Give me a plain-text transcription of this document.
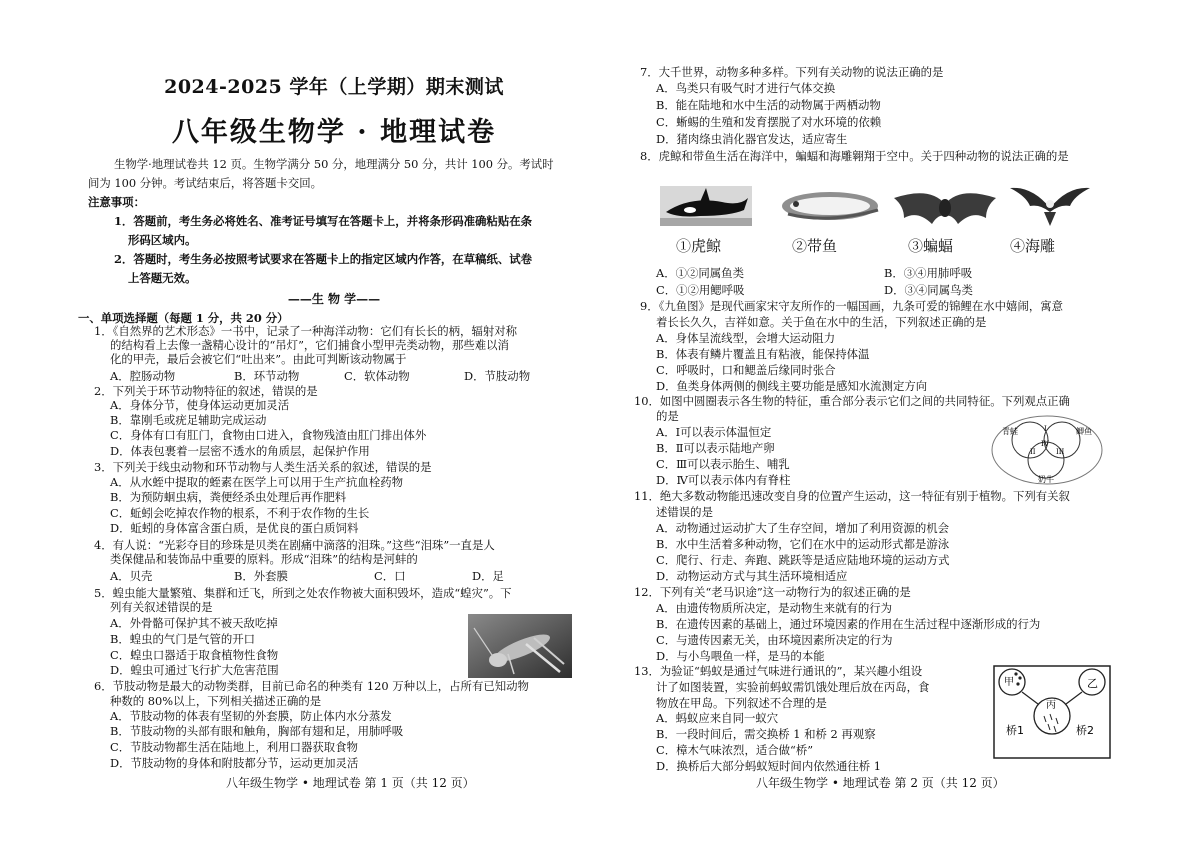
2024-2025 学年（上学期）期末测试
八年级生物学 · 地理试卷
生物学·地理试卷共 12 页。生物学满分 50 分，地理满分 50 分，共计 100 分。考试时
间为 100 分钟。考试结束后，将答题卡交回。
注意事项：
1．答题前，考生务必将姓名、准考证号填写在答题卡上，并将条形码准确粘贴在条
形码区域内。
2．答题时，考生务必按照考试要求在答题卡上的指定区域内作答，在草稿纸、试卷
上答题无效。
——生 物 学——
一、单项选择题（每题 1 分，共 20 分）
1．《自然界的艺术形态》一书中，记录了一种海洋动物：它们有长长的柄，辐射对称
的结构看上去像一盏精心设计的“吊灯”，它们捕食小型甲壳类动物，那些难以消
化的甲壳，最后会被它们“吐出来”。由此可判断该动物属于
A．腔肠动物	B．环节动物	C．软体动物	D．节肢动物
2．下列关于环节动物特征的叙述，错误的是
A．身体分节，使身体运动更加灵活
B．靠刚毛或疣足辅助完成运动
C．身体有口有肛门，食物由口进入，食物残渣由肛门排出体外
D．体表包裹着一层密不透水的角质层，起保护作用
3．下列关于线虫动物和环节动物与人类生活关系的叙述，错误的是
A．从水蛭中提取的蛭素在医学上可以用于生产抗血栓药物
B．为预防蛔虫病，粪便经杀虫处理后再作肥料
C．蚯蚓会吃掉农作物的根系，不利于农作物的生长
D．蚯蚓的身体富含蛋白质，是优良的蛋白质饲料
4．有人说：“光彩夺目的珍珠是贝类在剧痛中滴落的泪珠。”这些“泪珠”一直是人
类保健品和装饰品中重要的原料。形成“泪珠”的结构是河蚌的
A．贝壳	B．外套膜	C．口	D．足
5．蝗虫能大量繁殖、集群和迁飞，所到之处农作物被大面积毁坏，造成“蝗灾”。下
列有关叙述错误的是
A．外骨骼可保护其不被天敌吃掉
B．蝗虫的气门是气管的开口
C．蝗虫口器适于取食植物性食物
D．蝗虫可通过飞行扩大危害范围
6．节肢动物是最大的动物类群，目前已命名的种类有 120 万种以上，占所有已知动物
种数的 80%以上，下列相关描述正确的是
A．节肢动物的体表有坚韧的外套膜，防止体内水分蒸发
B．节肢动物的头部有眼和触角，胸部有翅和足，用肺呼吸
C．节肢动物都生活在陆地上，利用口器获取食物
D．节肢动物的身体和附肢都分节，运动更加灵活
八年级生物学 • 地理试卷 第 1 页（共 12 页）
7．大千世界，动物多种多样。下列有关动物的说法正确的是
A．鸟类只有吸气时才进行气体交换
B．能在陆地和水中生活的动物属于两栖动物
C．蜥蜴的生殖和发育摆脱了对水环境的依赖
D．猪肉绦虫消化器官发达，适应寄生
8．虎鲸和带鱼生活在海洋中，蝙蝠和海雕翱翔于空中。关于四种动物的说法正确的是
①虎鲸	②带鱼	③蝙蝠	④海雕
A．①②同属鱼类	B．③④用肺呼吸
C．①②用鳃呼吸	D．③④同属鸟类
9．《九鱼图》是现代画家宋守友所作的一幅国画，九条可爱的锦鲤在水中嬉闹，寓意
着长长久久，吉祥如意。关于鱼在水中的生活，下列叙述正确的是
A．身体呈流线型，会增大运动阻力
B．体表有鳞片覆盖且有粘液，能保持体温
C．呼吸时，口和鳃盖后缘同时张合
D．鱼类身体两侧的侧线主要功能是感知水流测定方向
10．如图中圆圈表示各生物的特征，重合部分表示它们之间的共同特征。下列观点正确
的是
A．Ⅰ可以表示体温恒定
B．Ⅱ可以表示陆地产卵
C．Ⅲ可以表示胎生、哺乳
D．Ⅳ可以表示体内有脊柱
青蛙	鲫鱼
奶牛
I
II	III
IV
11．绝大多数动物能迅速改变自身的位置产生运动，这一特征有别于植物。下列有关叙
述错误的是
A．动物通过运动扩大了生存空间，增加了利用资源的机会
B．水中生活着多种动物，它们在水中的运动形式都是游泳
C．爬行、行走、奔跑、跳跃等是适应陆地环境的运动方式
D．动物运动方式与其生活环境相适应
12．下列有关“老马识途”这一动物行为的叙述正确的是
A．由遗传物质所决定，是动物生来就有的行为
B．在遗传因素的基础上，通过环境因素的作用在生活过程中逐渐形成的行为
C．与遗传因素无关，由环境因素所决定的行为
D．与小鸟喂鱼一样，是马的本能
13．为验证“蚂蚁是通过气味进行通讯的”，某兴趣小组设
计了如图装置，实验前蚂蚁需饥饿处理后放在丙岛，食
物放在甲岛。下列叙述不合理的是
A．蚂蚁应来自同一蚁穴
B．一段时间后，需交换桥 1 和桥 2 再观察
C．樟木气味浓烈，适合做“桥”
D．换桥后大部分蚂蚁短时间内依然通往桥 1
甲	乙
丙
桥1	桥2
八年级生物学 • 地理试卷 第 2 页（共 12 页）
